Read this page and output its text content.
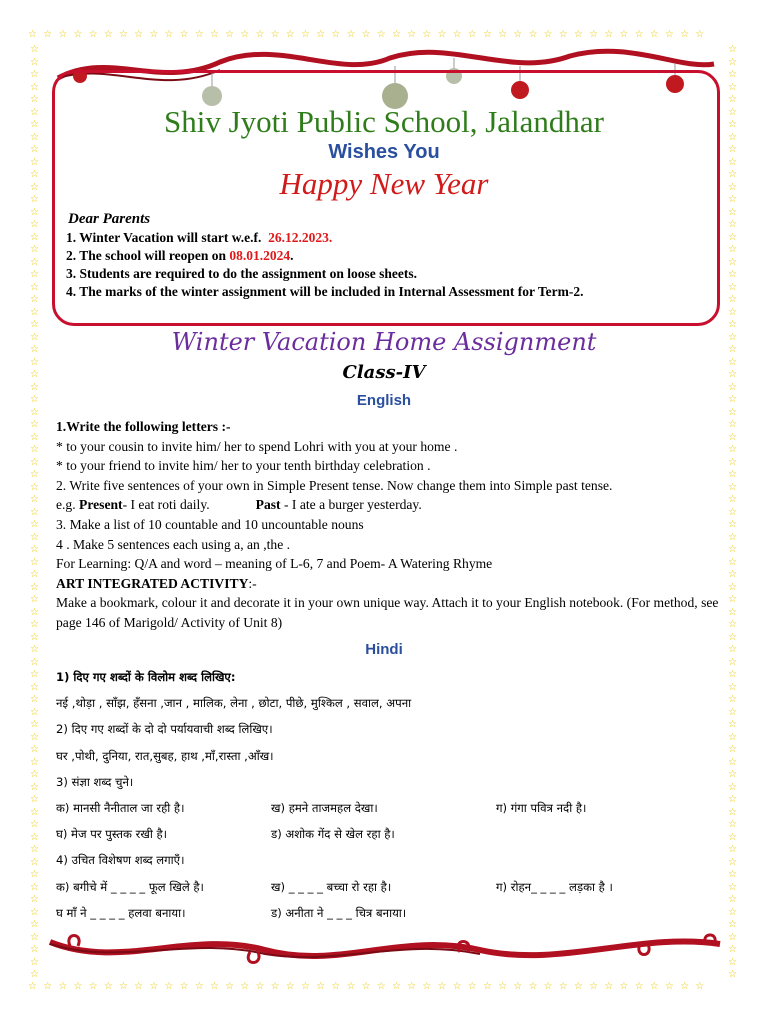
☆☆☆☆☆☆☆☆☆☆☆☆☆☆☆☆☆☆☆☆☆☆☆☆☆☆☆☆☆☆☆☆☆☆☆☆☆☆☆☆☆☆☆☆☆
☆☆☆☆☆☆☆☆☆☆☆☆☆☆☆☆☆☆☆☆☆☆☆☆☆☆☆☆☆☆☆☆☆☆☆☆☆☆☆☆☆☆☆☆☆
☆
☆
☆
☆
☆
☆
☆
☆
☆
☆
☆
☆
☆
☆
☆
☆
☆
☆
☆
☆
☆
☆
☆
☆
☆
☆
☆
☆
☆
☆
☆
☆
☆
☆
☆
☆
☆
☆
☆
☆
☆
☆
☆
☆
☆
☆
☆
☆
☆
☆
☆
☆
☆
☆
☆
☆
☆
☆
☆
☆
☆
☆
☆
☆
☆
☆
☆
☆
☆
☆
☆
☆
☆
☆
☆
☆
☆
☆
☆
☆
☆
☆
☆
☆
☆
☆
☆
☆
☆
☆
☆
☆
☆
☆
☆
☆
☆
☆
☆
☆
☆
☆
☆
☆
☆
☆
☆
☆
☆
☆
☆
☆
☆
☆
☆
☆
☆
☆
☆
☆
☆
☆
☆
☆
☆
☆
☆
☆
☆
☆
☆
☆
☆
☆
☆
☆
☆
☆
☆
☆
☆
☆
☆
☆
☆
☆
☆
☆
☆
☆
Shiv Jyoti Public School, Jalandhar
Wishes You
Happy New Year
Dear Parents
1. Winter Vacation will start w.e.f. 26.12.2023.
2. The school will reopen on 08.01.2024.
3. Students are required to do the assignment on loose sheets.
4. The marks of the winter assignment will be included in Internal Assessment for Term-2.
Winter Vacation Home Assignment
Class-IV
English
1.Write the following letters :-
* to your cousin to invite him/ her to spend Lohri with you at your home .
* to your friend to invite him/ her to your tenth birthday celebration .
2. Write five sentences of your own in Simple Present tense. Now change them into Simple past tense.
e.g. Present- I eat roti daily.	Past - I ate a burger yesterday.
3. Make a list of 10 countable and 10 uncountable nouns
4 . Make 5 sentences each using a, an ,the .
For Learning: Q/A and word – meaning of L-6, 7 and Poem- A Watering Rhyme
ART INTEGRATED ACTIVITY:-
Make a bookmark, colour it and decorate it in your own unique way. Attach it to your English notebook. (For method, see page 146 of Marigold/ Activity of Unit 8)
Hindi
1) दिए गए शब्दों के विलोम शब्द लिखिए:
नई ,थोड़ा , साँझ, हँसना ,जान , मालिक, लेना , छोटा, पीछे, मुश्किल , सवाल, अपना
2) दिए गए शब्दों के दो दो पर्यायवाची शब्द लिखिए।
घर ,पोथी, दुनिया, रात,सुबह, हाथ ,माँ,रास्ता ,आँख।
3) संज्ञा शब्द चुने।
क) मानसी नैनीताल जा रही है।	ख) हमने ताजमहल देखा।	ग) गंगा पवित्र नदी है।
घ) मेज पर पुस्तक रखी है।	ड) अशोक गेंद से खेल रहा है।
4) उचित विशेषण शब्द लगाएँ।
क) बगीचे में _ _ _ _ फूल खिले है।	ख) _ _ _ _ बच्चा रो रहा है।	ग) रोहन_ _ _ _ लड़का है ।
घ माँ ने _ _ _ _ हलवा बनाया।	ड) अनीता ने _ _ _ चित्र बनाया।
